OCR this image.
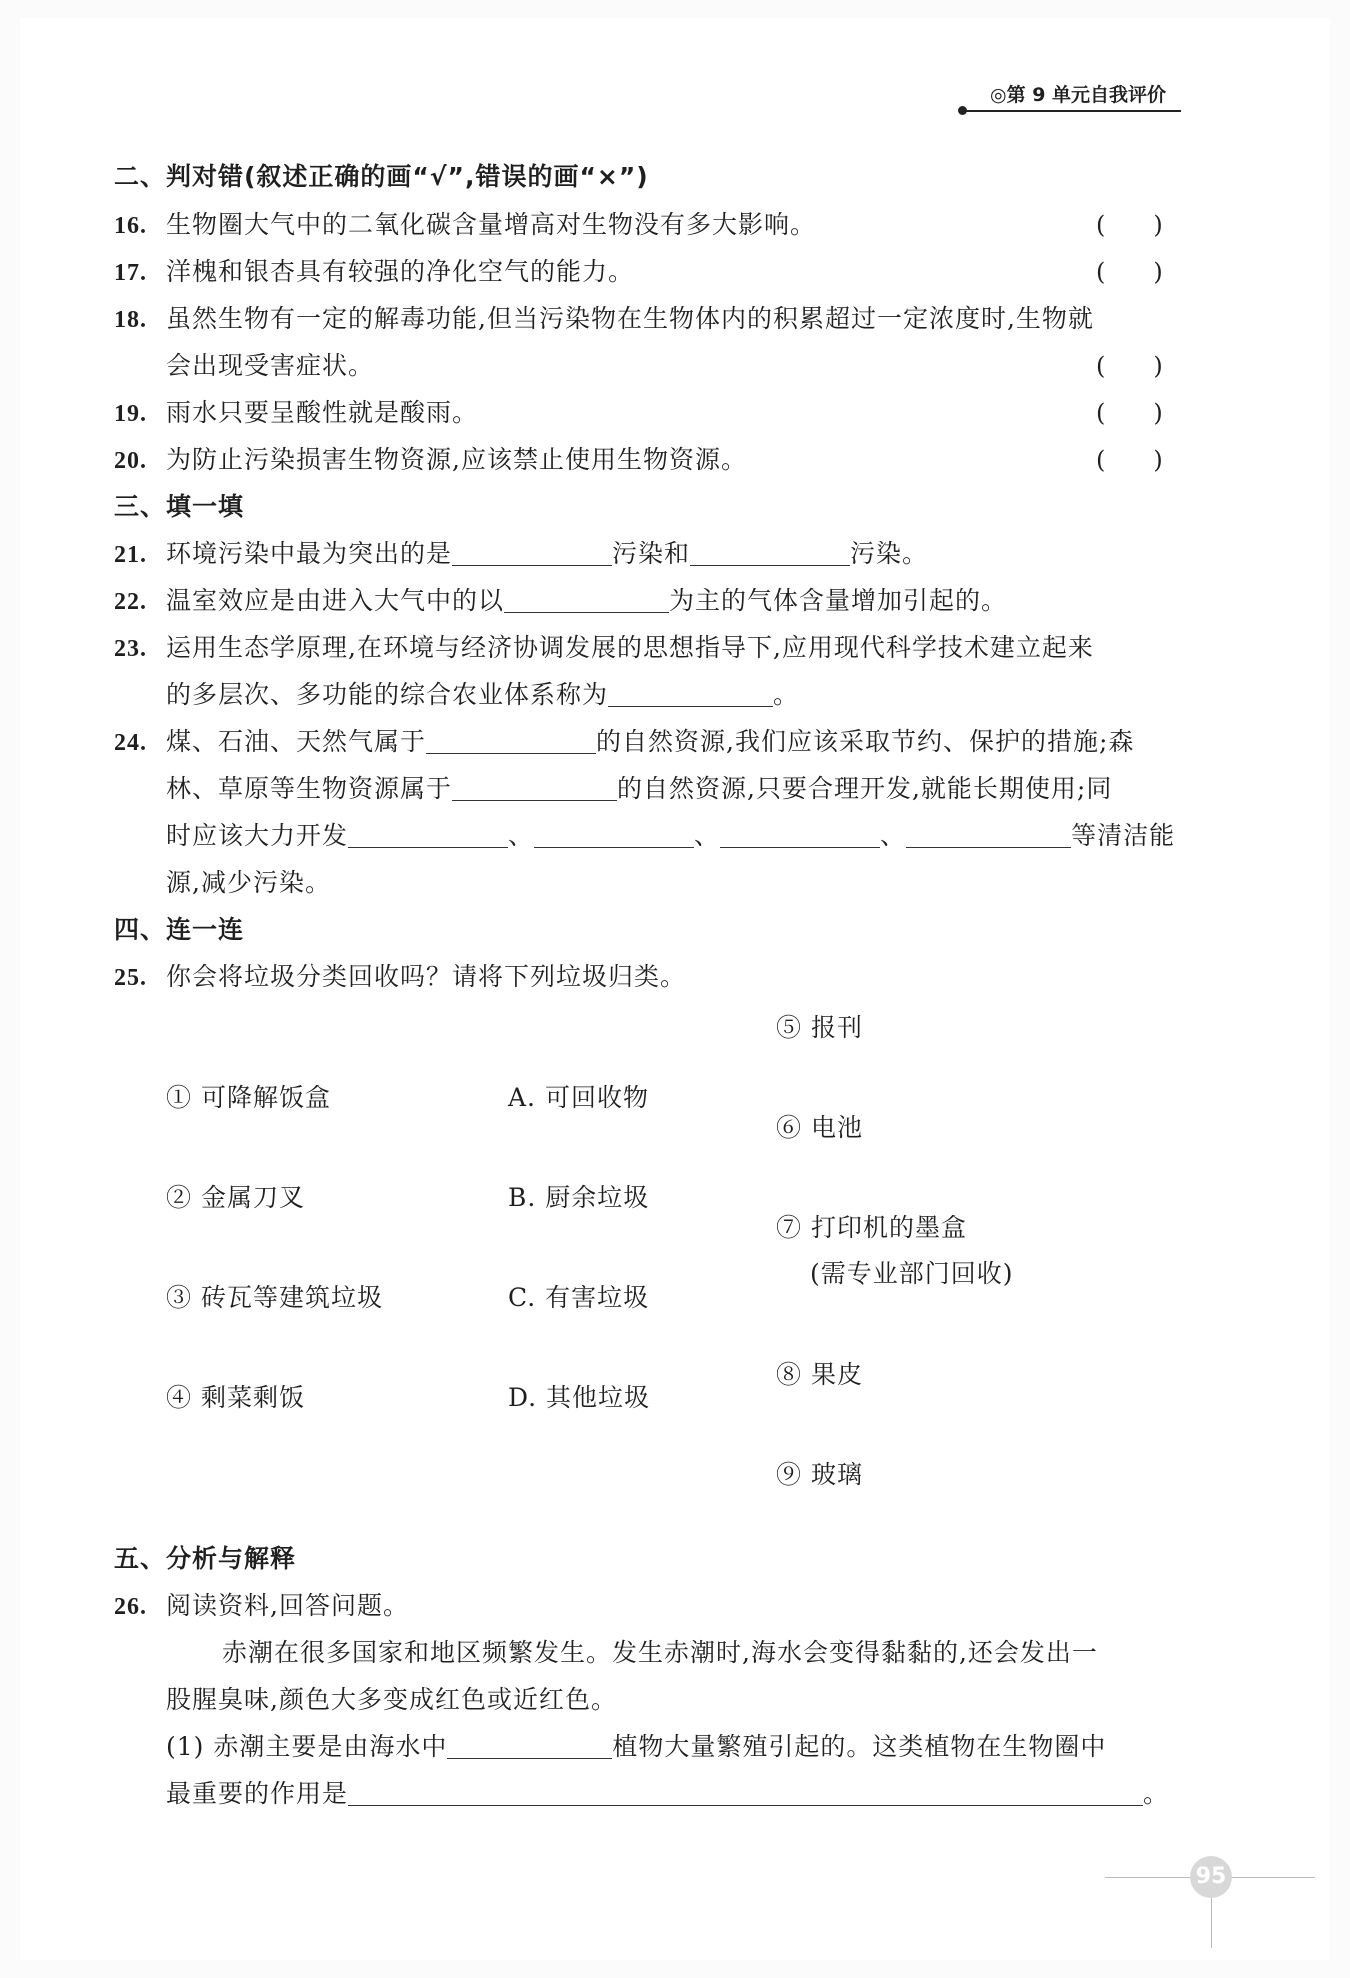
◎第 9 单元自我评价
二、判对错(叙述正确的画“√”,错误的画“×”)
16. 生物圈大气中的二氧化碳含量增高对生物没有多大影响。	(　　)
17. 洋槐和银杏具有较强的净化空气的能力。	(　　)
18. 虽然生物有一定的解毒功能,但当污染物在生物体内的积累超过一定浓度时,生物就
会出现受害症状。	(　　)
19. 雨水只要呈酸性就是酸雨。	(　　)
20. 为防止污染损害生物资源,应该禁止使用生物资源。	(　　)
三、填一填
21. 环境污染中最为突出的是	污染和	污染。
22. 温室效应是由进入大气中的以	为主的气体含量增加引起的。
23. 运用生态学原理,在环境与经济协调发展的思想指导下,应用现代科学技术建立起来
的多层次、多功能的综合农业体系称为	。
24. 煤、石油、天然气属于	的自然资源,我们应该采取节约、保护的措施;森
林、草原等生物资源属于	的自然资源,只要合理开发,就能长期使用;同
时应该大力开发	、	、	、	等清洁能
源,减少污染。
四、连一连
25. 你会将垃圾分类回收吗？请将下列垃圾归类。
① 可降解饭盒
② 金属刀叉
③ 砖瓦等建筑垃圾
④ 剩菜剩饭
A. 可回收物
B. 厨余垃圾
C. 有害垃圾
D. 其他垃圾
⑤ 报刊
⑥ 电池
⑦ 打印机的墨盒
(需专业部门回收)
⑧ 果皮
⑨ 玻璃
五、分析与解释
26. 阅读资料,回答问题。
赤潮在很多国家和地区频繁发生。发生赤潮时,海水会变得黏黏的,还会发出一
股腥臭味,颜色大多变成红色或近红色。
(1) 赤潮主要是由海水中	植物大量繁殖引起的。这类植物在生物圈中
最重要的作用是	。
95
